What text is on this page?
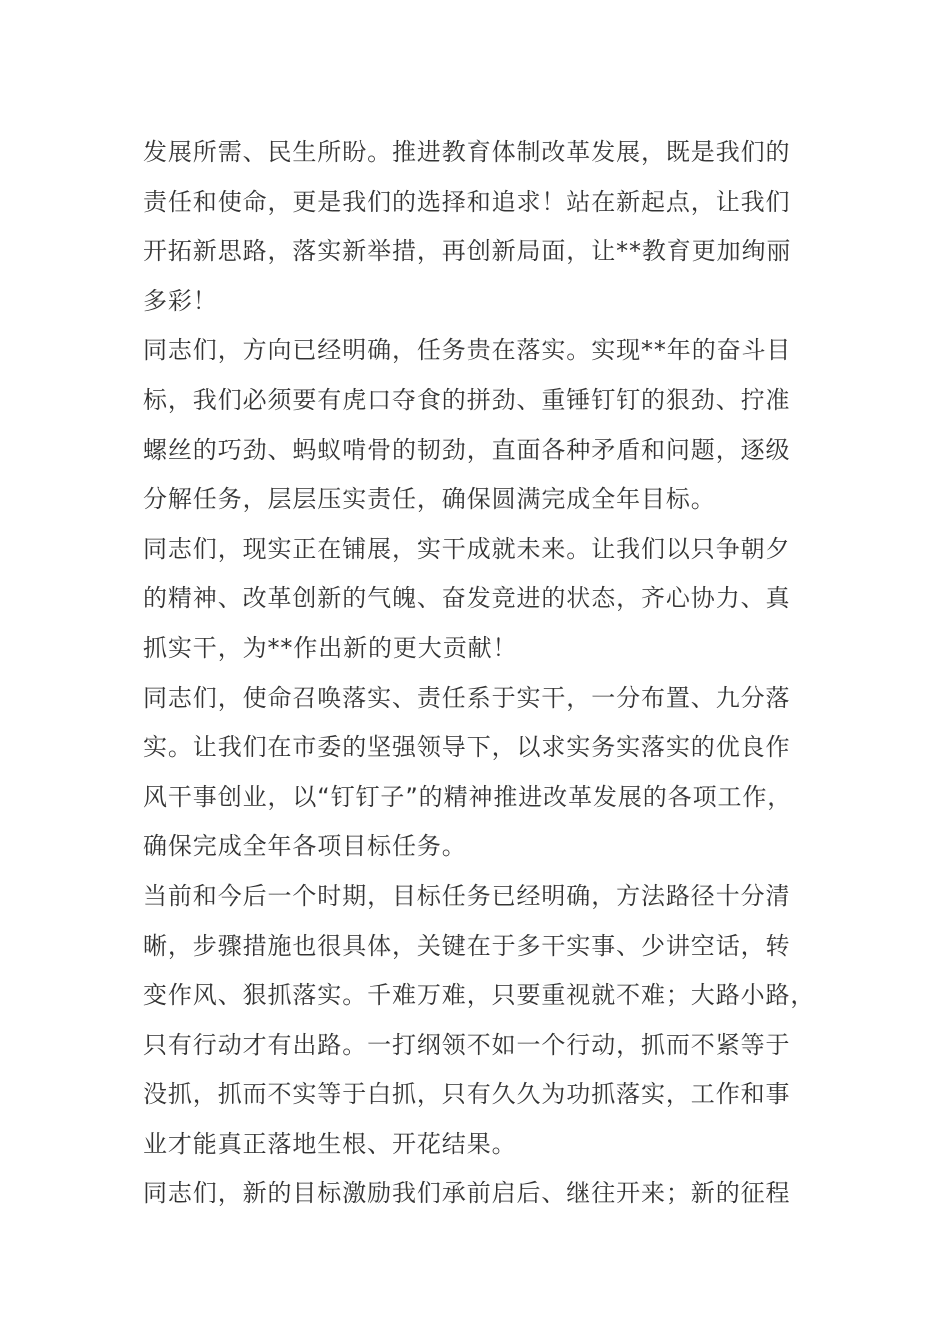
发展所需、民生所盼。推进教育体制改革发展，既是我们的
责任和使命，更是我们的选择和追求！站在新起点，让我们
开拓新思路，落实新举措，再创新局面，让**教育更加绚丽
多彩！

同志们，方向已经明确，任务贵在落实。实现**年的奋斗目
标，我们必须要有虎口夺食的拼劲、重锤钉钉的狠劲、拧准
螺丝的巧劲、蚂蚁啃骨的韧劲，直面各种矛盾和问题，逐级
分解任务，层层压实责任，确保圆满完成全年目标。

同志们，现实正在铺展，实干成就未来。让我们以只争朝夕
的精神、改革创新的气魄、奋发竞进的状态，齐心协力、真
抓实干，为**作出新的更大贡献！

同志们，使命召唤落实、责任系于实干，一分布置、九分落
实。让我们在市委的坚强领导下，以求实务实落实的优良作
风干事创业，以“钉钉子”的精神推进改革发展的各项工作，
确保完成全年各项目标任务。

当前和今后一个时期，目标任务已经明确，方法路径十分清
晰，步骤措施也很具体，关键在于多干实事、少讲空话，转
变作风、狠抓落实。千难万难，只要重视就不难；大路小路，
只有行动才有出路。一打纲领不如一个行动，抓而不紧等于
没抓，抓而不实等于白抓，只有久久为功抓落实，工作和事
业才能真正落地生根、开花结果。

同志们，新的目标激励我们承前启后、继往开来；新的征程
